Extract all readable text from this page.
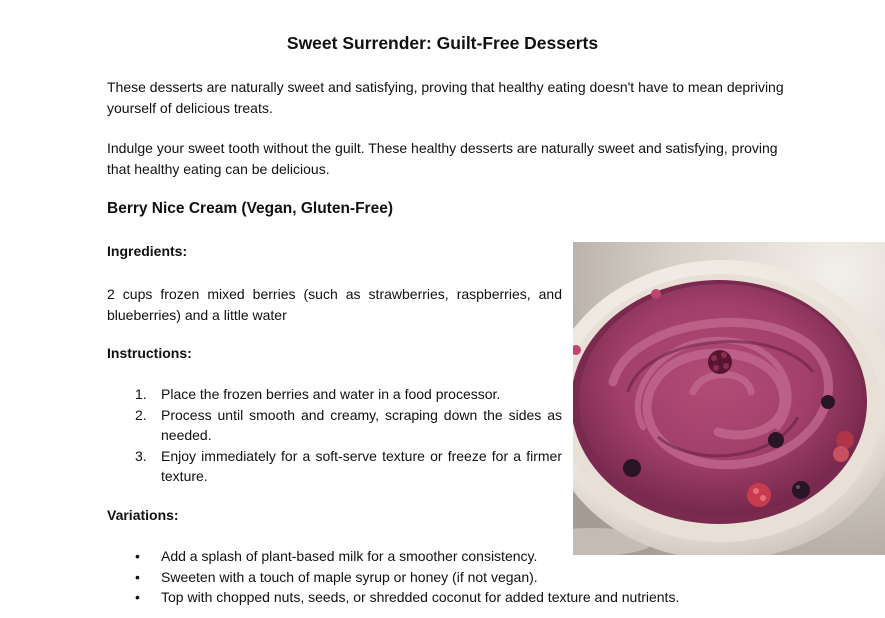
Sweet Surrender: Guilt-Free Desserts

These desserts are naturally sweet and satisfying, proving that healthy eating doesn't have to mean depriving yourself of delicious treats.

Indulge your sweet tooth without the guilt. These healthy desserts are naturally sweet and satisfying, proving that healthy eating can be delicious.

Berry Nice Cream (Vegan, Gluten-Free)

Ingredients:

2 cups frozen mixed berries (such as strawberries, raspberries, and blueberries) and a little water

Instructions:

1. Place the frozen berries and water in a food processor.
2. Process until smooth and creamy, scraping down the sides as needed.
3. Enjoy immediately for a soft-serve texture or freeze for a firmer texture.

Variations:

• Add a splash of plant-based milk for a smoother consistency.
• Sweeten with a touch of maple syrup or honey (if not vegan).
• Top with chopped nuts, seeds, or shredded coconut for added texture and nutrients.
